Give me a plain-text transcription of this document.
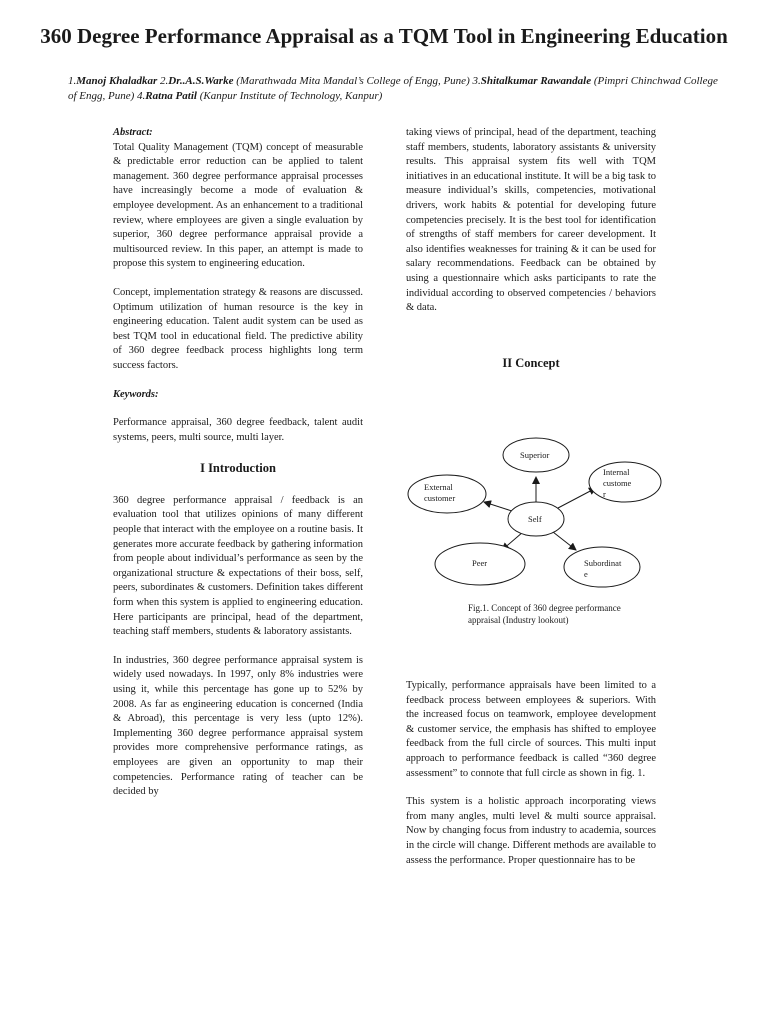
360 Degree Performance Appraisal as a TQM Tool in Engineering Education
1.Manoj Khaladkar 2.Dr..A.S.Warke (Marathwada Mita Mandal’s College of Engg, Pune) 3.Shitalkumar Rawandale (Pimpri Chinchwad College of Engg, Pune) 4.Ratna Patil (Kanpur Institute of Technology, Kanpur)
Abstract:

Total Quality Management (TQM) concept of measurable & predictable error reduction can be applied to talent management. 360 degree performance appraisal processes have increasingly become a mode of evaluation & employee development. As an enhancement to a traditional review, where employees are given a single evaluation by superior, 360 degree performance appraisal provide a multisourced review. In this paper, an attempt is made to propose this system to engineering education.

Concept, implementation strategy & reasons are discussed. Optimum utilization of human resource is the key in engineering education. Talent audit system can be used as best TQM tool in educational field. The predictive ability of 360 degree feedback process highlights long term success factors.

Keywords:

Performance appraisal, 360 degree feedback, talent audit systems, peers, multi source, multi layer.

I Introduction

360 degree performance appraisal / feedback is an evaluation tool that utilizes opinions of many different people that interact with the employee on a routine basis. It generates more accurate feedback by gathering information from people about individual’s performance as seen by the organizational structure & expectations of their boss, self, peers, subordinates & customers. Definition takes different form when this system is applied to engineering education. Here participants are principal, head of the department, teaching staff members, students & laboratory assistants.

In industries, 360 degree performance appraisal system is widely used nowadays. In 1997, only 8% industries were using it, while this percentage has gone up to 52% by 2008. As far as engineering education is concerned (India & Abroad), this percentage is very less (upto 12%). Implementing 360 degree performance appraisal system provides more comprehensive performance ratings, as employees are given an opportunity to map their competencies. Performance rating of teacher can be decided by

taking views of principal, head of the department, teaching staff members, students, laboratory assistants & university results. This appraisal system fits well with TQM initiatives in an educational institute. It will be a big task to measure individual’s skills, competencies, motivational drivers, work habits & potential for developing future competencies precisely. It is the best tool for identification of strengths of staff members for career development. It also identifies weaknesses for training & it can be used for salary recommendations. Feedback can be obtained by using a questionnaire which asks participants to rate the individual according to observed competencies / behaviors & data.

II Concept
Superior
Internal
custome
r
External
customer
Self
Peer	Subordinat
e
Fig.1. Concept of 360 degree performance appraisal (Industry lookout)

Typically, performance appraisals have been limited to a feedback process between employees & superiors. With the increased focus on teamwork, employee development & customer service, the emphasis has shifted to employee feedback from the full circle of sources. This multi input approach to performance feedback is called “360 degree assessment” to connote that full circle as shown in fig. 1.

This system is a holistic approach incorporating views from many angles, multi level & multi source appraisal. Now by changing focus from industry to academia, sources in the circle will change. Different methods are available to assess the performance. Proper questionnaire has to be
